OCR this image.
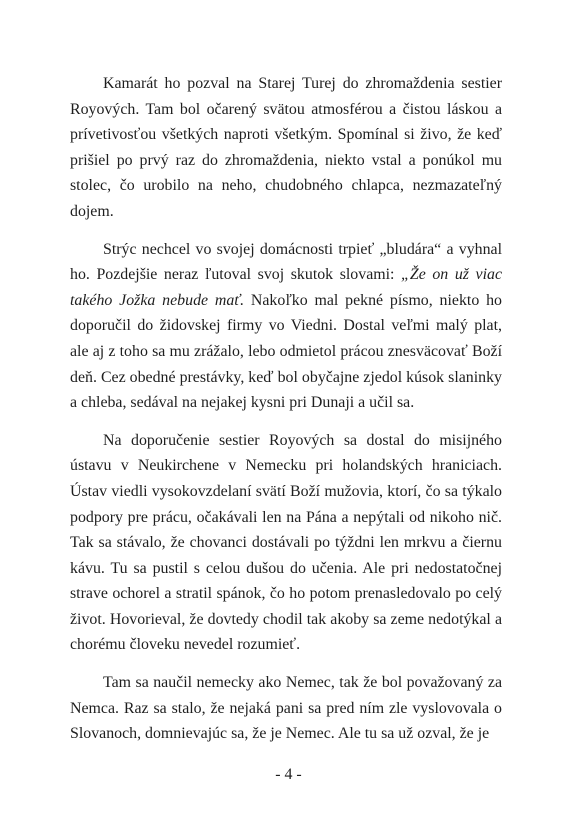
Kamarát ho pozval na Starej Turej do zhromaždenia sestier Royových. Tam bol očarený svätou atmosférou a čistou láskou a prívetivosťou všetkých naproti všetkým. Spomínal si živo, že keď prišiel po prvý raz do zhromaždenia, niekto vstal a ponúkol mu stolec, čo urobilo na neho, chudobného chlapca, nezmazateľný dojem.

Strýc nechcel vo svojej domácnosti trpieť „bludára“ a vyhnal ho. Pozdejšie neraz ľutoval svoj skutok slovami: „Že on už viac takého Jožka nebude mať. Nakoľko mal pekné písmo, niekto ho doporučil do židovskej firmy vo Viedni. Dostal veľmi malý plat, ale aj z toho sa mu zrážalo, lebo odmietol prácou znesväcovať Boží deň. Cez obedné prestávky, keď bol obyčajne zjedol kúsok slaninky a chleba, sedával na nejakej kysni pri Dunaji a učil sa.

Na doporučenie sestier Royových sa dostal do misijného ústavu v Neukirchene v Nemecku pri holandských hraniciach. Ústav viedli vysokovzdelaní svätí Boží mužovia, ktorí, čo sa týkalo podpory pre prácu, očakávali len na Pána a nepýtali od nikoho nič. Tak sa stávalo, že chovanci dostávali po týždni len mrkvu a čiernu kávu. Tu sa pustil s celou dušou do učenia. Ale pri nedostatočnej strave ochorel a stratil spánok, čo ho potom prenasledovalo po celý život. Hovorieval, že dovtedy chodil tak akoby sa zeme nedotýkal a chorému človeku nevedel rozumieť.

Tam sa naučil nemecky ako Nemec, tak že bol považovaný za Nemca. Raz sa stalo, že nejaká pani sa pred ním zle vyslovovala o Slovanoch, domnievajúc sa, že je Nemec. Ale tu sa už ozval, že je

- 4 -
